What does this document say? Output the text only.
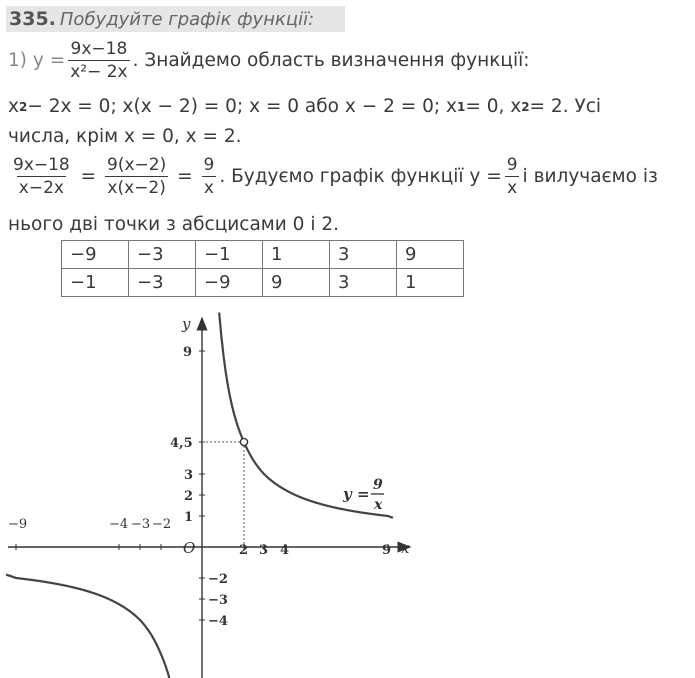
335. Побудуйте графік функції:
1) $y = \frac{9x-18}{\text{x²− 2x}}$ . Знайдемо область визначення функції:
x 2 − 2x = 0; x(x − 2) = 0; x = 0 або x − 2 = 0; x 1 = 0, x 2 = 2. Усі
числа, крім x = 0, x = 2.
$\frac{9x-18}{x-2x} = \frac{9(x-2)}{x(x-2)} = \frac{9}{x}$ . Будуємо графік функції $y = \frac{9}{x}$ і вилучаємо із
нього дві точки з абсцисами 0 і 2.
−9	−3	−1	1	3	9
−1	−3	−9	9	3	1
y
x
O
−9	−4 −3 −2
2 3 4	9
9
4,5
3
2
1
−2
−3
−4
y = 9
x
